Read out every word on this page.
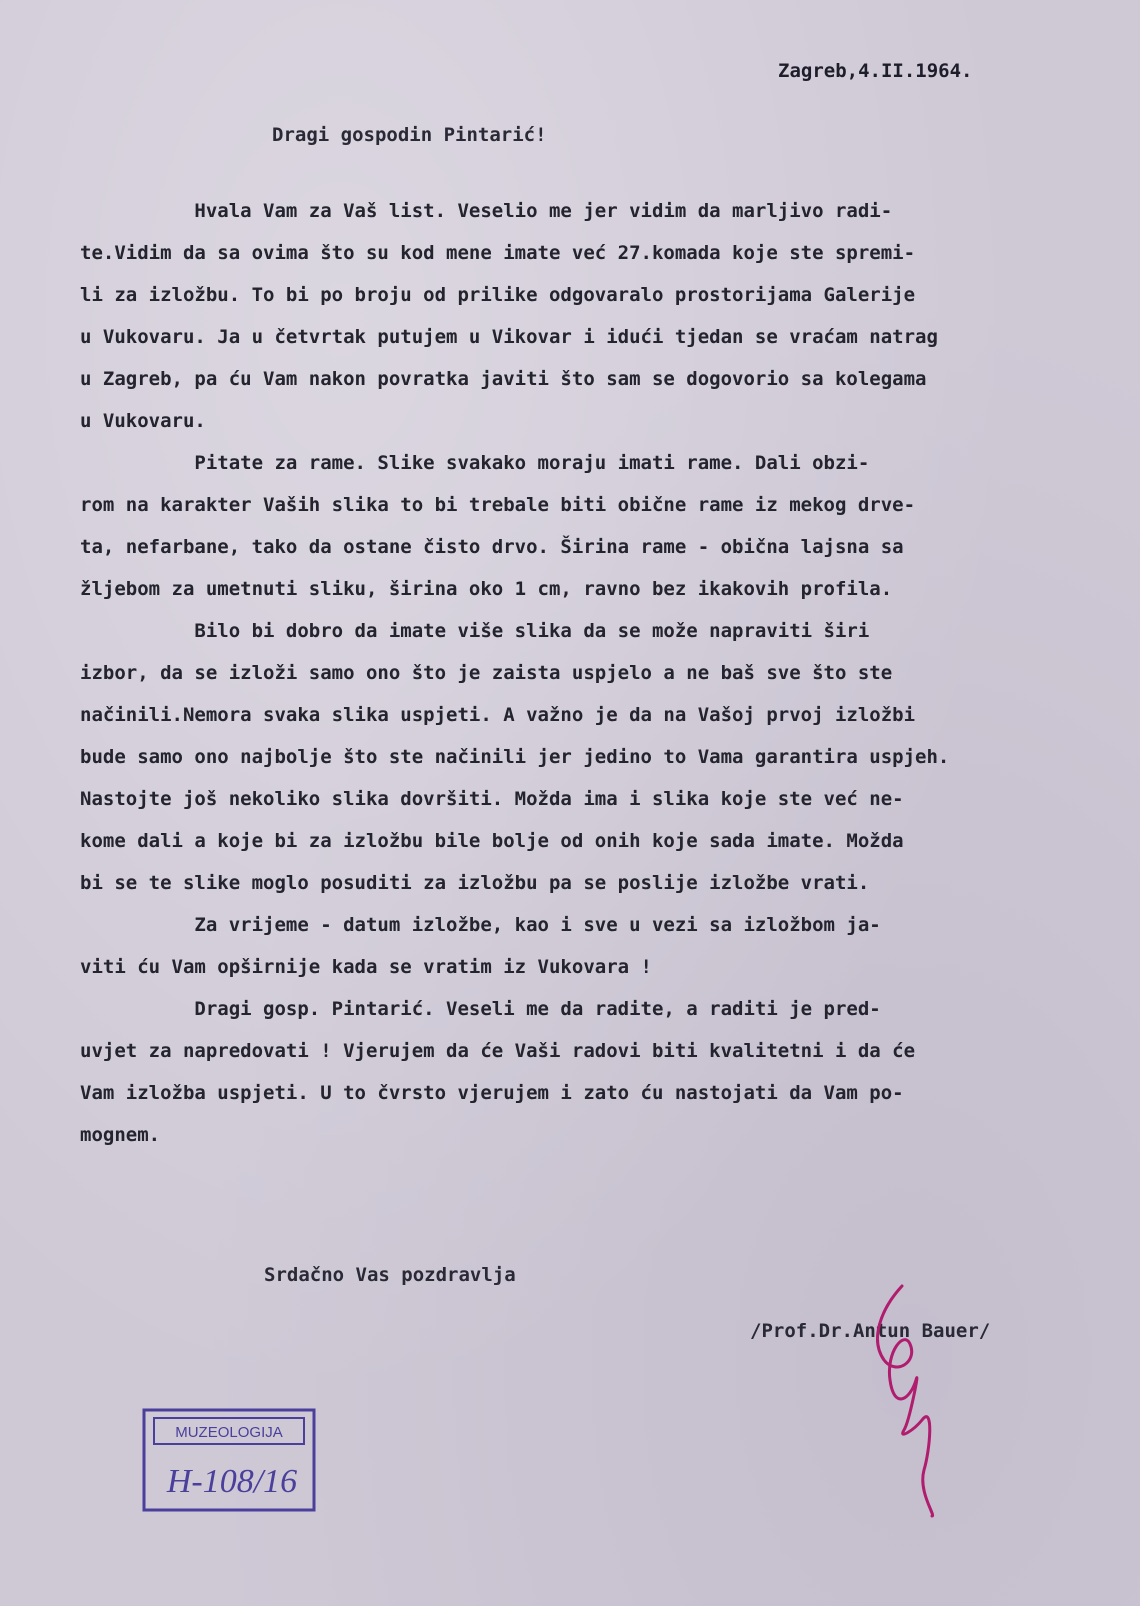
Zagreb,4.II.1964.
Dragi gospodin Pintarić!
Hvala Vam za Vaš list. Veselio me jer vidim da marljivo radi-
te.Vidim da sa ovima što su kod mene imate već 27.komada koje ste spremi-
li za izložbu. To bi po broju od prilike odgovaralo prostorijama Galerije
u Vukovaru. Ja u četvrtak putujem u Vikovar i idući tjedan se vraćam natrag
u Zagreb, pa ću Vam nakon povratka javiti što sam se dogovorio sa kolegama
u Vukovaru.
Pitate za rame. Slike svakako moraju imati rame. Dali obzi-
rom na karakter Vaših slika to bi trebale biti obične rame iz mekog drve-
ta, nefarbane, tako da ostane čisto drvo. Širina rame - obična lajsna sa
žljebom za umetnuti sliku, širina oko 1 cm, ravno bez ikakovih profila.
Bilo bi dobro da imate više slika da se može napraviti širi
izbor, da se izloži samo ono što je zaista uspjelo a ne baš sve što ste
načinili.Nemora svaka slika uspjeti. A važno je da na Vašoj prvoj izložbi
bude samo ono najbolje što ste načinili jer jedino to Vama garantira uspjeh.
Nastojte još nekoliko slika dovršiti. Možda ima i slika koje ste već ne-
kome dali a koje bi za izložbu bile bolje od onih koje sada imate. Možda
bi se te slike moglo posuditi za izložbu pa se poslije izložbe vrati.
Za vrijeme - datum izložbe, kao i sve u vezi sa izložbom ja-
viti ću Vam opširnije kada se vratim iz Vukovara !
Dragi gosp. Pintarić. Veseli me da radite, a raditi je pred-
uvjet za napredovati ! Vjerujem da će Vaši radovi biti kvalitetni i da će
Vam izložba uspjeti. U to čvrsto vjerujem i zato ću nastojati da Vam po-
mognem.
Srdačno Vas pozdravlja
/Prof.Dr.Antun Bauer/
MUZEOLOGIJA
H-108/16
